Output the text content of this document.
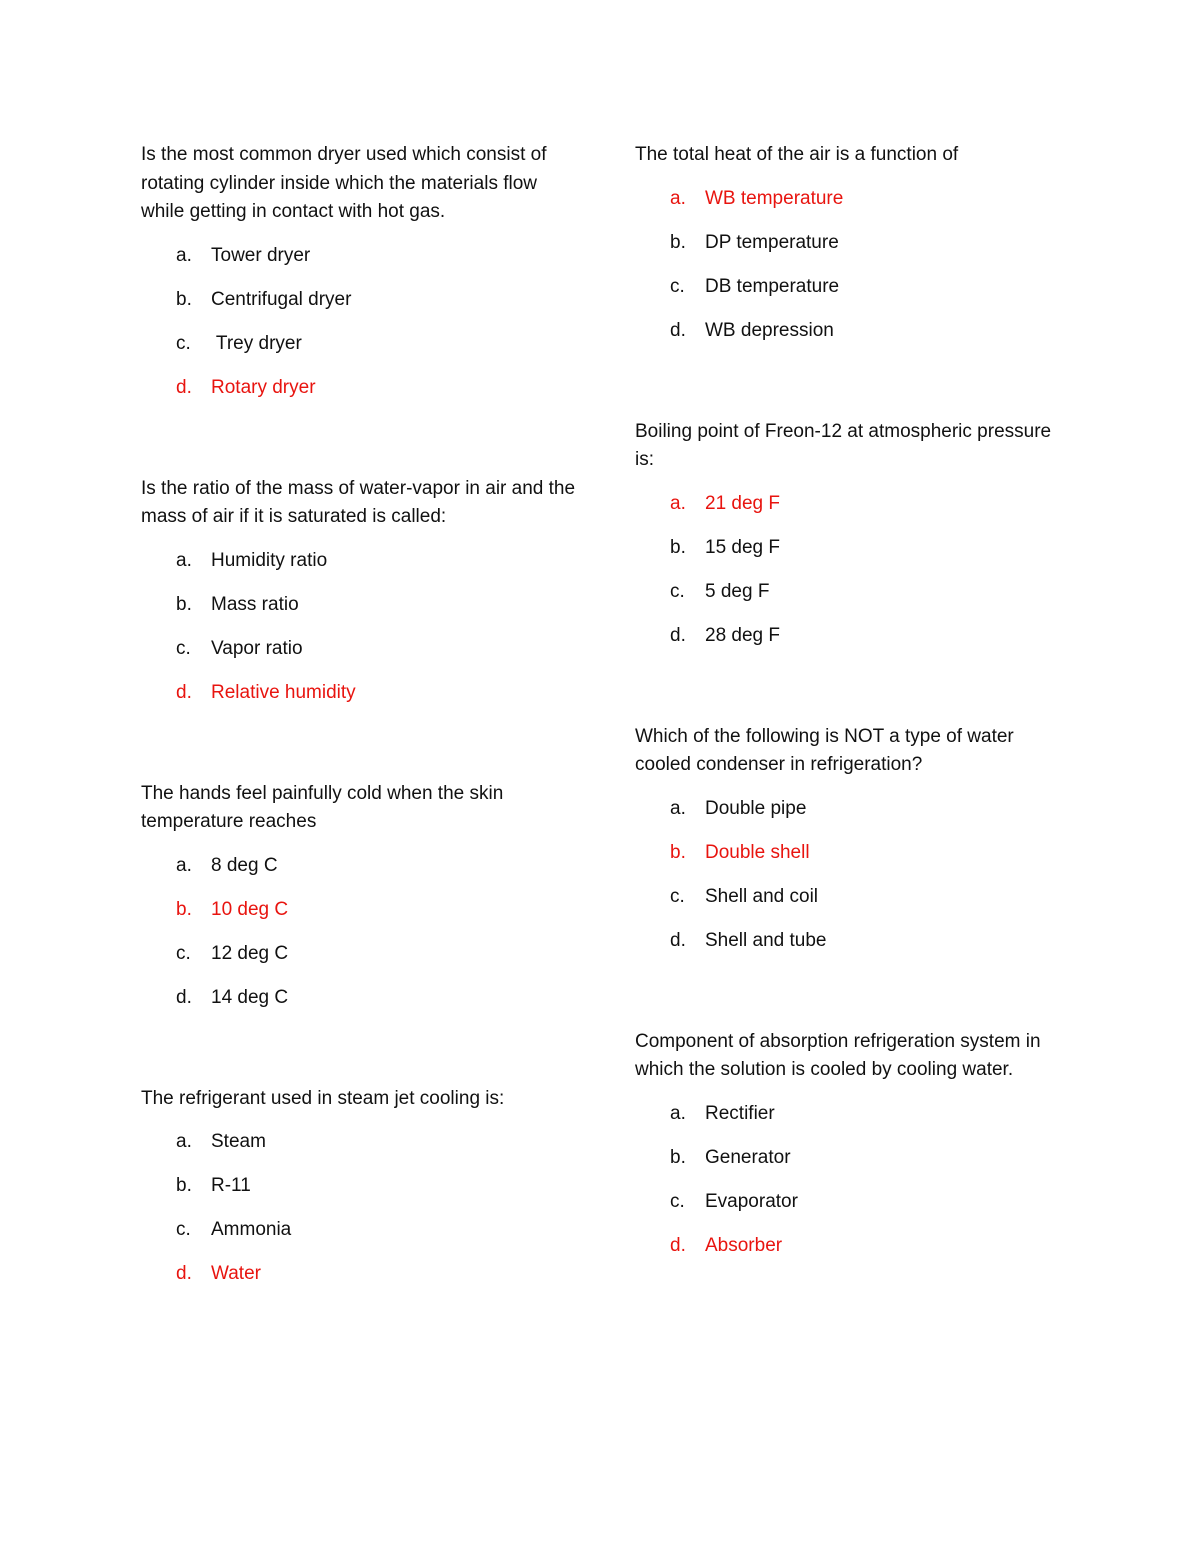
Is the most common dryer used which consist of rotating cylinder inside which the materials flow while getting in contact with hot gas.

a.	Tower dryer
b.	Centrifugal dryer
c.	Trey dryer
d.	Rotary dryer

Is the ratio of the mass of water-vapor in air and the mass of air if it is saturated is called:

a.	Humidity ratio
b.	Mass ratio
c.	Vapor ratio
d.	Relative humidity

The hands feel painfully cold when the skin temperature reaches

a.	8 deg C
b.	10 deg C
c.	12 deg C
d.	14 deg C

The refrigerant used in steam jet cooling is:

a.	Steam
b.	R-11
c.	Ammonia
d.	Water

The total heat of the air is a function of

a.	WB temperature
b.	DP temperature
c.	DB temperature
d.	WB depression

Boiling point of Freon-12 at atmospheric pressure is:

a.	21 deg F
b.	15 deg F
c.	5 deg F
d.	28 deg F

Which of the following is NOT a type of water cooled condenser in refrigeration?

a.	Double pipe
b.	Double shell
c.	Shell and coil
d.	Shell and tube

Component of absorption refrigeration system in which the solution is cooled by cooling water.

a.	Rectifier
b.	Generator
c.	Evaporator
d.	Absorber
